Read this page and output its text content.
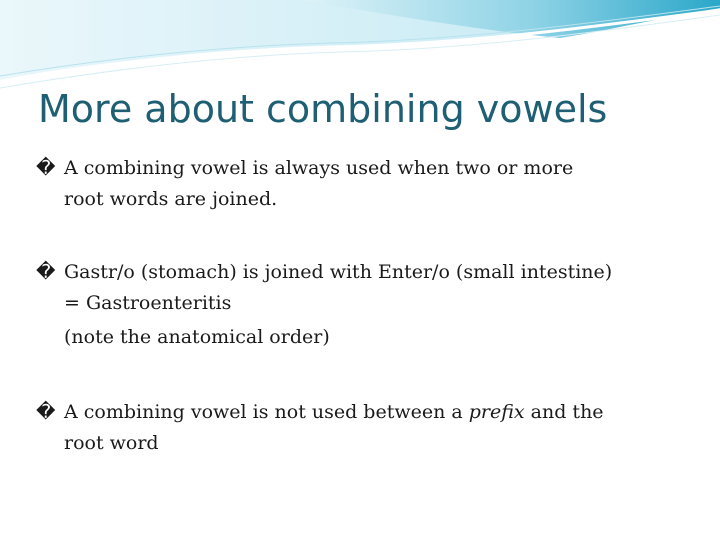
More about combining vowels
� A combining vowel is always used when two or more
root words are joined.
� Gastr/o (stomach) is joined with Enter/o (small intestine)
= Gastroenteritis
(note the anatomical order)
� A combining vowel is not used between a prefix and the
root word
